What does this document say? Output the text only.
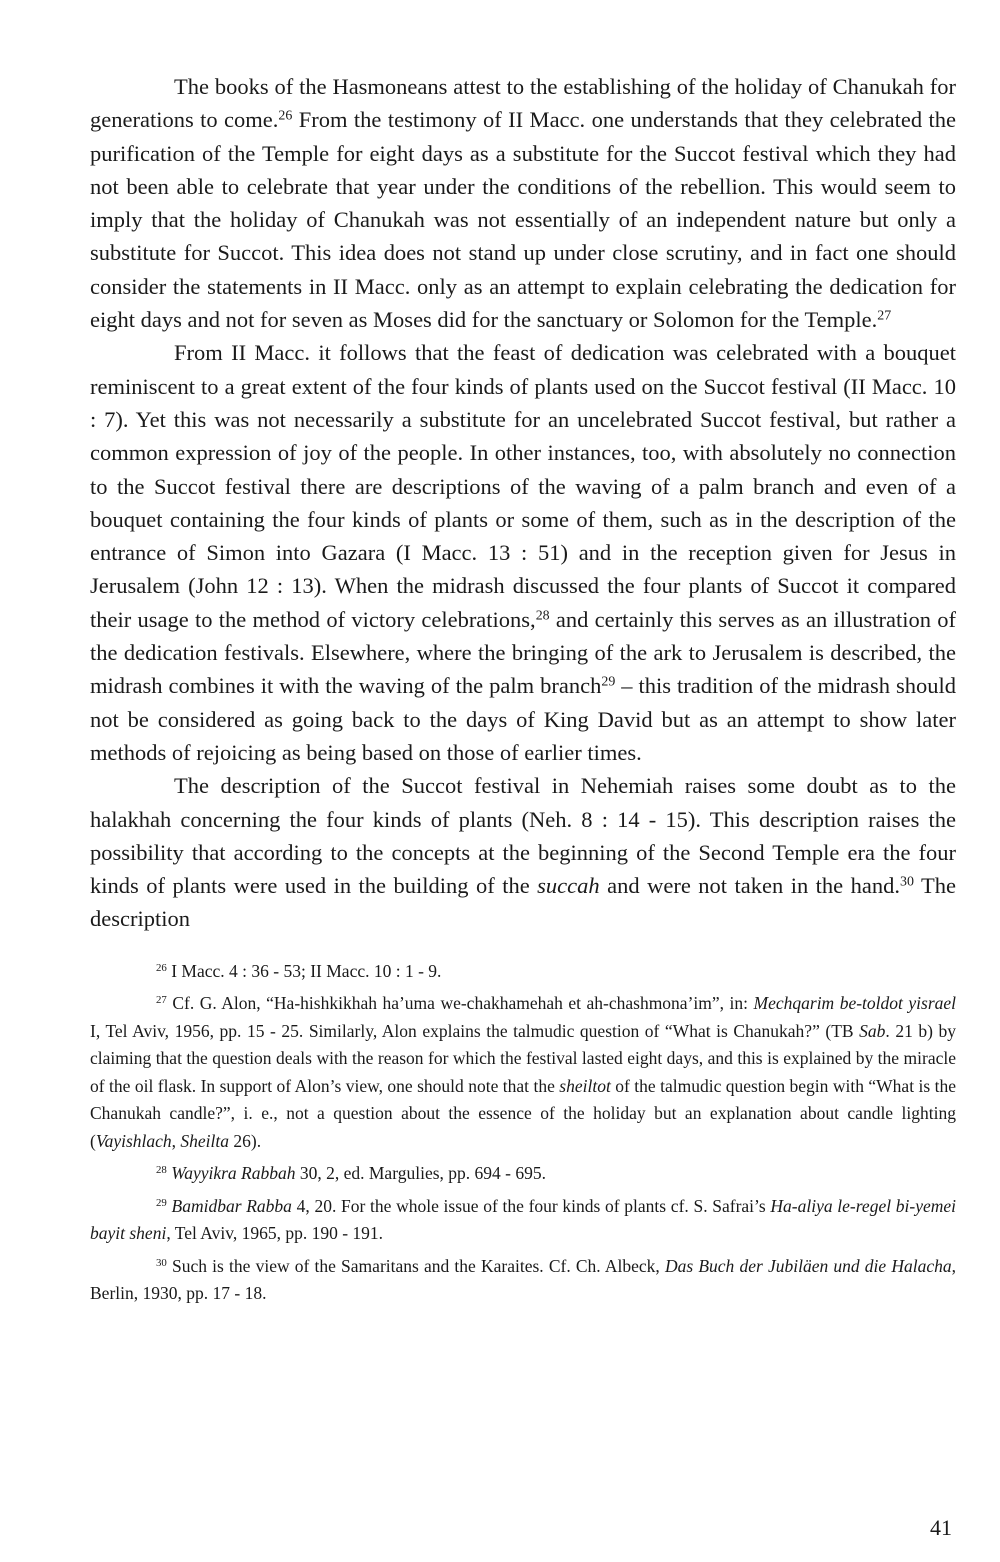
The books of the Hasmoneans attest to the establishing of the holiday of Chanukah for generations to come.$^{26}$ From the testimony of II Macc. one understands that they celebrated the purification of the Temple for eight days as a substitute for the Succot festival which they had not been able to celebrate that year under the conditions of the rebellion. This would seem to imply that the holiday of Chanukah was not essentially of an independent nature but only a substitute for Succot. This idea does not stand up under close scrutiny, and in fact one should consider the statements in II Macc. only as an attempt to explain celebrating the dedication for eight days and not for seven as Moses did for the sanctuary or Solomon for the Temple.$^{27}$

From II Macc. it follows that the feast of dedication was celebrated with a bouquet reminiscent to a great extent of the four kinds of plants used on the Succot festival (II Macc. 10 : 7). Yet this was not necessarily a substitute for an uncelebrated Succot festival, but rather a common expression of joy of the people. In other instances, too, with absolutely no connection to the Succot festival there are descriptions of the waving of a palm branch and even of a bouquet containing the four kinds of plants or some of them, such as in the description of the entrance of Simon into Gazara (I Macc. 13 : 51) and in the reception given for Jesus in Jerusalem (John 12 : 13). When the midrash discussed the four plants of Succot it compared their usage to the method of victory celebrations,$^{28}$ and certainly this serves as an illustration of the dedication festivals. Elsewhere, where the bringing of the ark to Jerusalem is described, the midrash combines it with the waving of the palm branch$^{29}$ – this tradition of the midrash should not be considered as going back to the days of King David but as an attempt to show later methods of rejoicing as being based on those of earlier times.

The description of the Succot festival in Nehemiah raises some doubt as to the halakhah concerning the four kinds of plants (Neh. 8 : 14 - 15). This description raises the possibility that according to the concepts at the beginning of the Second Temple era the four kinds of plants were used in the building of the succah and were not taken in the hand.$^{30}$ The description

$^{26}$ I Macc. 4 : 36 - 53; II Macc. 10 : 1 - 9.

$^{27}$ Cf. G. Alon, “Ha-hishkikhah ha’uma we-chakhamehah et ah-chashmona’im”, in: Mechqarim be-toldot yisrael I, Tel Aviv, 1956, pp. 15 - 25. Similarly, Alon explains the talmudic question of “What is Chanukah?” (TB Sab. 21 b) by claiming that the question deals with the reason for which the festival lasted eight days, and this is explained by the miracle of the oil flask. In support of Alon’s view, one should note that the sheiltot of the talmudic question begin with “What is the Chanukah candle?”, i. e., not a question about the essence of the holiday but an explanation about candle lighting (Vayishlach, Sheilta 26).

$^{28}$ Wayyikra Rabbah 30, 2, ed. Margulies, pp. 694 - 695.

$^{29}$ Bamidbar Rabba 4, 20. For the whole issue of the four kinds of plants cf. S. Safrai’s Ha-aliya le-regel bi-yemei bayit sheni, Tel Aviv, 1965, pp. 190 - 191.

$^{30}$ Such is the view of the Samaritans and the Karaites. Cf. Ch. Albeck, Das Buch der Jubiläen und die Halacha, Berlin, 1930, pp. 17 - 18.

41
